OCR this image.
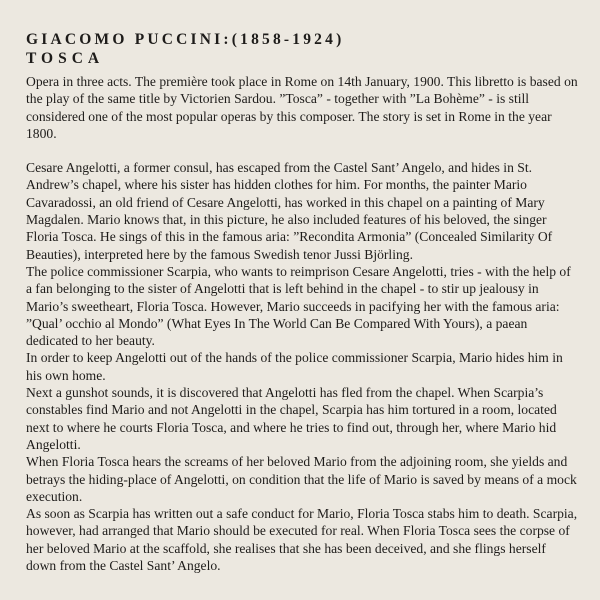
GIACOMO PUCCINI:(1858-1924)
TOSCA

Opera in three acts. The première took place in Rome on 14th January, 1900. This libretto is based on the play of the same title by Victorien Sardou. ”Tosca” - together with ”La Bohème” - is still considered one of the most popular operas by this composer. The story is set in Rome in the year 1800.

Cesare Angelotti, a former consul, has escaped from the Castel Sant’ Angelo, and hides in St. Andrew’s chapel, where his sister has hidden clothes for him. For months, the painter Mario Cavaradossi, an old friend of Cesare Angelotti, has worked in this chapel on a painting of Mary Magdalen. Mario knows that, in this picture, he also included features of his beloved, the singer Floria Tosca. He sings of this in the famous aria: ”Recondita Armonia” (Concealed Similarity Of Beauties), interpreted here by the famous Swedish tenor Jussi Björling.

The police commissioner Scarpia, who wants to reimprison Cesare Angelotti, tries - with the help of a fan belonging to the sister of Angelotti that is left behind in the chapel - to stir up jealousy in Mario’s sweetheart, Floria Tosca. However, Mario succeeds in pacifying her with the famous aria: ”Qual’ occhio al Mondo” (What Eyes In The World Can Be Compared With Yours), a paean dedicated to her beauty.

In order to keep Angelotti out of the hands of the police commissioner Scarpia, Mario hides him in his own home.

Next a gunshot sounds, it is discovered that Angelotti has fled from the chapel. When Scarpia’s constables find Mario and not Angelotti in the chapel, Scarpia has him tortured in a room, located next to where he courts Floria Tosca, and where he tries to find out, through her, where Mario hid Angelotti.

When Floria Tosca hears the screams of her beloved Mario from the adjoining room, she yields and betrays the hiding-place of Angelotti, on condition that the life of Mario is saved by means of a mock execution.

As soon as Scarpia has written out a safe conduct for Mario, Floria Tosca stabs him to death. Scarpia, however, had arranged that Mario should be executed for real. When Floria Tosca sees the corpse of her beloved Mario at the scaffold, she realises that she has been deceived, and she flings herself down from the Castel Sant’ Angelo.
